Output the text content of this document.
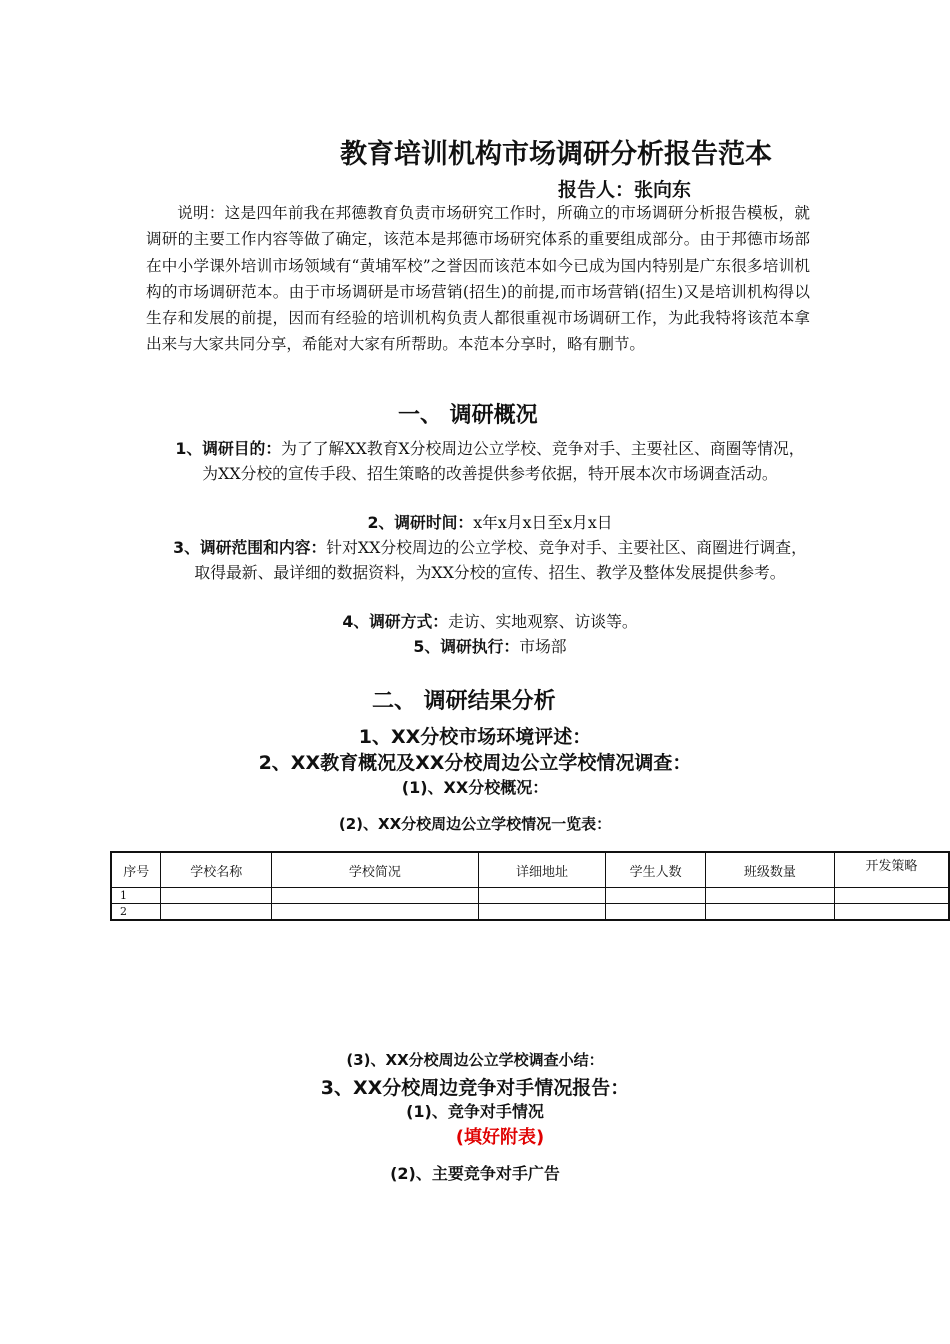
教育培训机构市场调研分析报告范本
报告人：张向东
说明：这是四年前我在邦德教育负责市场研究工作时，所确立的市场调研分析报告模板，就调研的主要工作内容等做了确定，该范本是邦德市场研究体系的重要组成部分。由于邦德市场部在中小学课外培训市场领域有“黄埔军校”之誉因而该范本如今已成为国内特别是广东很多培训机构的市场调研范本。由于市场调研是市场营销(招生)的前提,而市场营销(招生)又是培训机构得以生存和发展的前提，因而有经验的培训机构负责人都很重视市场调研工作，为此我特将该范本拿出来与大家共同分享，希能对大家有所帮助。本范本分享时，略有删节。
一、 调研概况
1、调研目的：为了了解XX教育X分校周边公立学校、竞争对手、主要社区、商圈等情况，为XX分校的宣传手段、招生策略的改善提供参考依据，特开展本次市场调查活动。
2、调研时间：x年x月x日至x月x日
3、调研范围和内容：针对XX分校周边的公立学校、竞争对手、主要社区、商圈进行调查，取得最新、最详细的数据资料，为XX分校的宣传、招生、教学及整体发展提供参考。
4、调研方式：走访、实地观察、访谈等。
5、调研执行：市场部
二、 调研结果分析
1、XX分校市场环境评述：
2、XX教育概况及XX分校周边公立学校情况调查：
(1)、XX分校概况：
(2)、XX分校周边公立学校情况一览表：
序号	学校名称	学校简况	详细地址	学生人数	班级数量	开发策略
1						
2						
(3)、XX分校周边公立学校调查小结：
3、XX分校周边竞争对手情况报告：
(1)、竞争对手情况
(填好附表)
(2)、主要竞争对手广告
